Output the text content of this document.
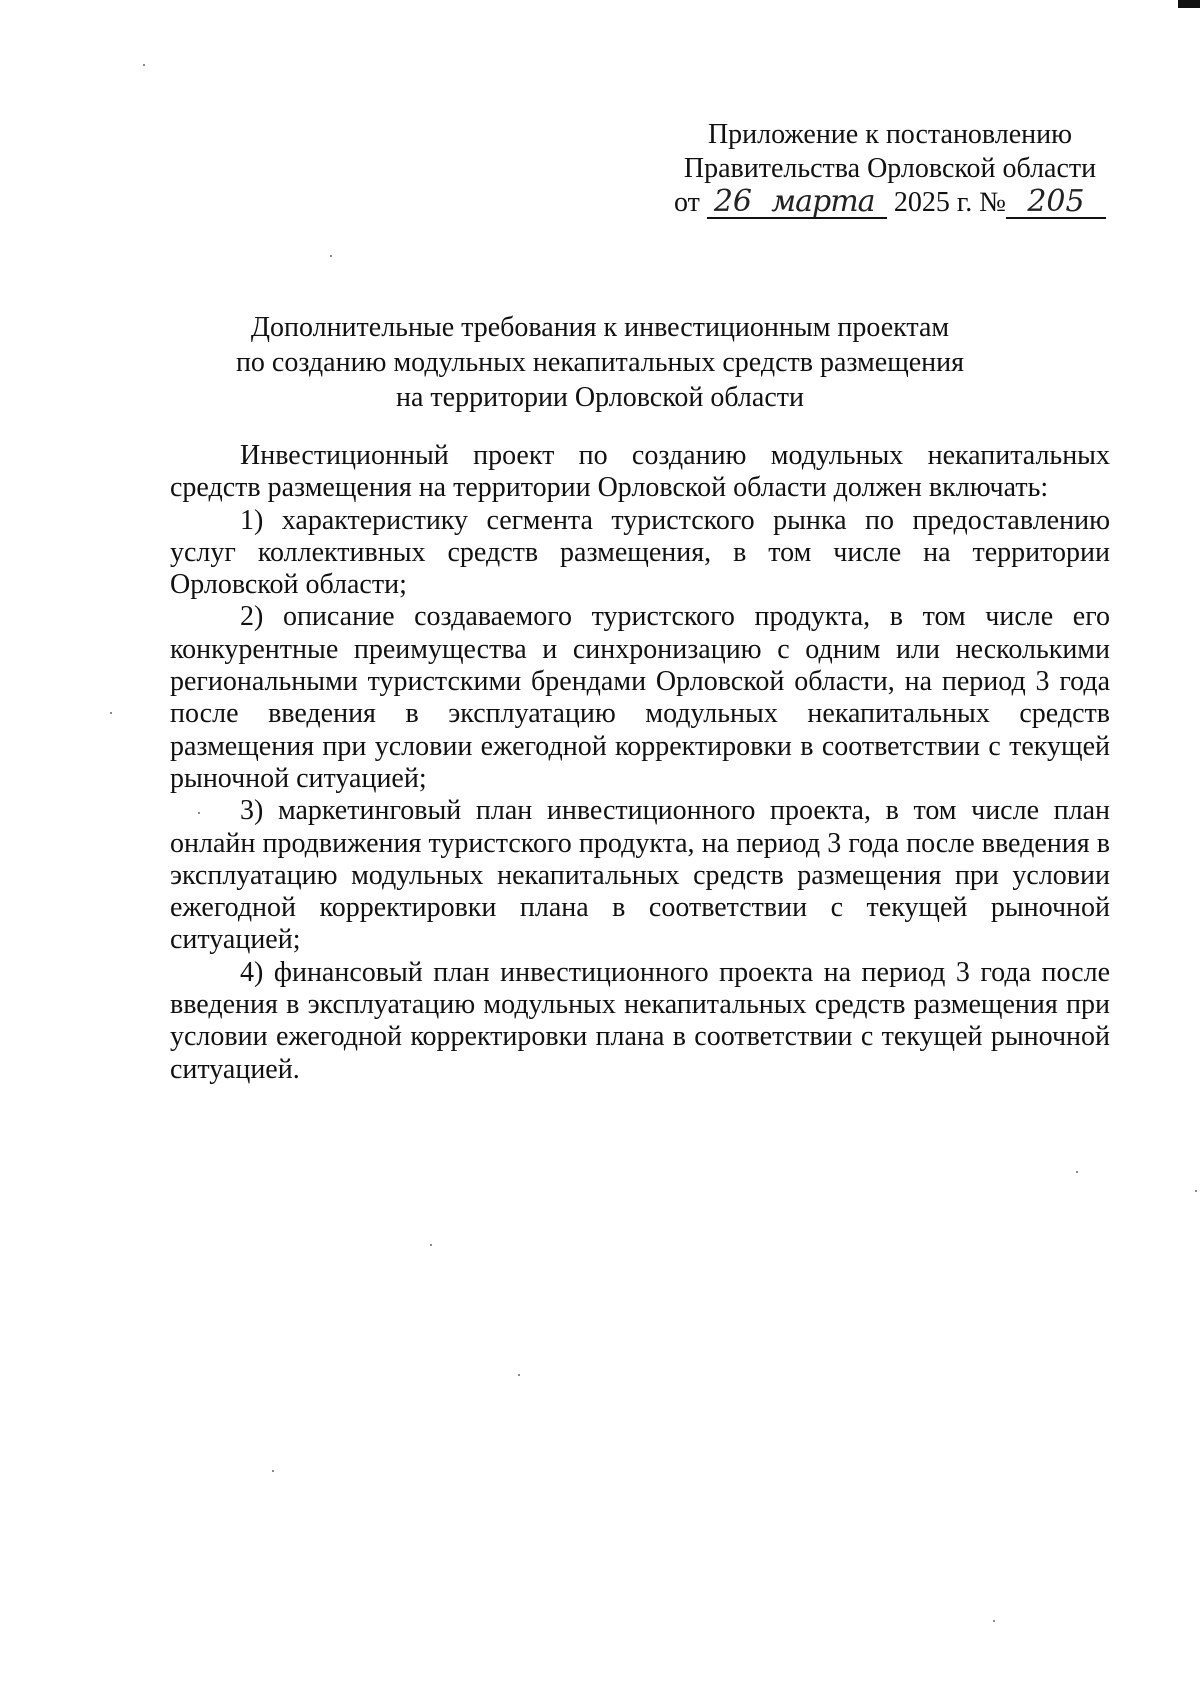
Приложение к постановлению
Правительства Орловской области
от 26 марта 2025 г. № 205
Дополнительные требования к инвестиционным проектам
по созданию модульных некапитальных средств размещения
на территории Орловской области

Инвестиционный проект по созданию модульных некапитальных средств размещения на территории Орловской области должен включать:

1) характеристику сегмента туристского рынка по предоставлению услуг коллективных средств размещения, в том числе на территории Орловской области;

2) описание создаваемого туристского продукта, в том числе его конкурентные преимущества и синхронизацию с одним или несколькими региональными туристскими брендами Орловской области, на период 3 года после введения в эксплуатацию модульных некапитальных средств размещения при условии ежегодной корректировки в соответствии с текущей рыночной ситуацией;

3) маркетинговый план инвестиционного проекта, в том числе план онлайн продвижения туристского продукта, на период 3 года после введения в эксплуатацию модульных некапитальных средств размещения при условии ежегодной корректировки плана в соответствии с текущей рыночной ситуацией;

4) финансовый план инвестиционного проекта на период 3 года после введения в эксплуатацию модульных некапитальных средств размещения при условии ежегодной корректировки плана в соответствии с текущей рыночной ситуацией.
